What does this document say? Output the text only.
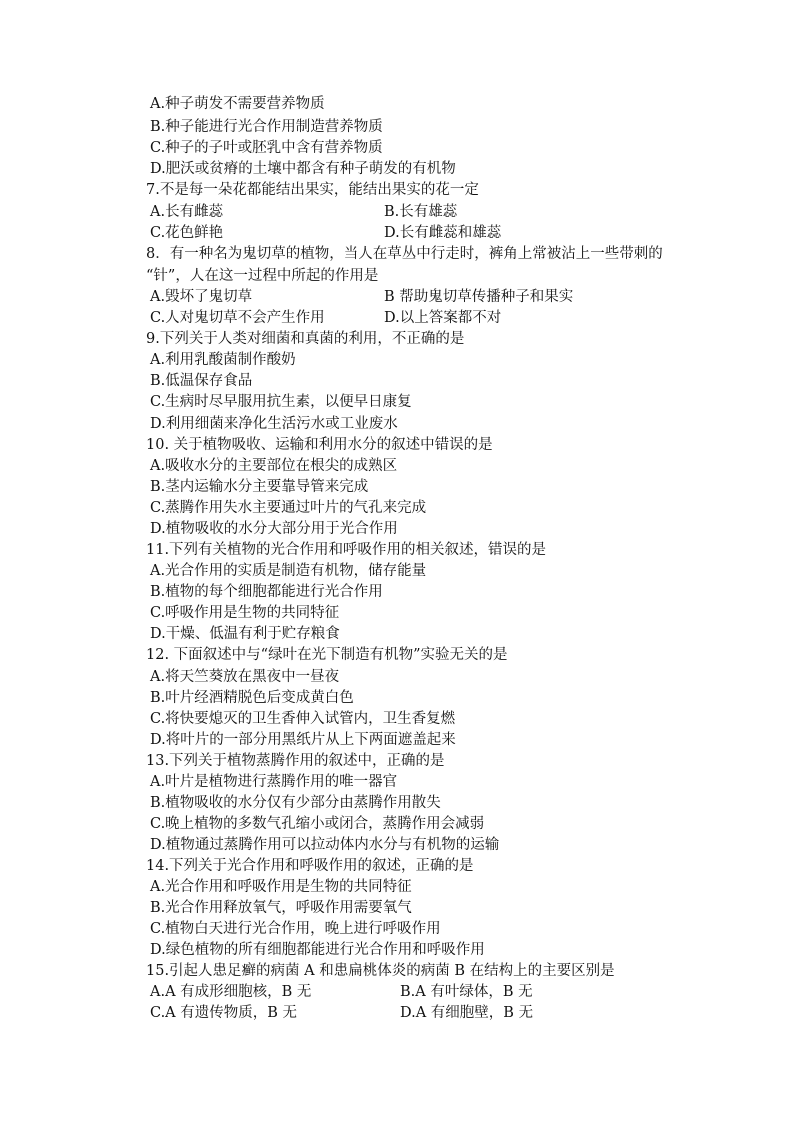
A.种子萌发不需要营养物质
B.种子能进行光合作用制造营养物质
C.种子的子叶或胚乳中含有营养物质
D.肥沃或贫瘠的土壤中都含有种子萌发的有机物
7.不是每一朵花都能结出果实，能结出果实的花一定
A.长有雌蕊	B.长有雄蕊
C.花色鲜艳	D.长有雌蕊和雄蕊
8．有一种名为鬼切草的植物，当人在草丛中行走时，裤角上常被沾上一些带刺的
“针”，人在这一过程中所起的作用是
A.毁坏了鬼切草	B 帮助鬼切草传播种子和果实
C.人对鬼切草不会产生作用	D.以上答案都不对
9.下列关于人类对细菌和真菌的利用，不正确的是
A.利用乳酸菌制作酸奶
B.低温保存食品
C.生病时尽早服用抗生素，以便早日康复
D.利用细菌来净化生活污水或工业废水
10. 关于植物吸收、运输和利用水分的叙述中错误的是
A.吸收水分的主要部位在根尖的成熟区
B.茎内运输水分主要靠导管来完成
C.蒸腾作用失水主要通过叶片的气孔来完成
D.植物吸收的水分大部分用于光合作用
11.下列有关植物的光合作用和呼吸作用的相关叙述，错误的是
A.光合作用的实质是制造有机物，储存能量
B.植物的每个细胞都能进行光合作用
C.呼吸作用是生物的共同特征
D.干燥、低温有利于贮存粮食
12. 下面叙述中与“绿叶在光下制造有机物”实验无关的是
A.将天竺葵放在黑夜中一昼夜
B.叶片经酒精脱色后变成黄白色
C.将快要熄灭的卫生香伸入试管内，卫生香复燃
D.将叶片的一部分用黑纸片从上下两面遮盖起来
13.下列关于植物蒸腾作用的叙述中，正确的是
A.叶片是植物进行蒸腾作用的唯一器官
B.植物吸收的水分仅有少部分由蒸腾作用散失
C.晚上植物的多数气孔缩小或闭合，蒸腾作用会减弱
D.植物通过蒸腾作用可以拉动体内水分与有机物的运输
14.下列关于光合作用和呼吸作用的叙述，正确的是
A.光合作用和呼吸作用是生物的共同特征
B.光合作用释放氧气，呼吸作用需要氧气
C.植物白天进行光合作用，晚上进行呼吸作用
D.绿色植物的所有细胞都能进行光合作用和呼吸作用
15.引起人患足癣的病菌 A 和患扁桃体炎的病菌 B 在结构上的主要区别是
A.A 有成形细胞核，B 无	B.A 有叶绿体，B 无
C.A 有遗传物质，B 无	D.A 有细胞壁，B 无
